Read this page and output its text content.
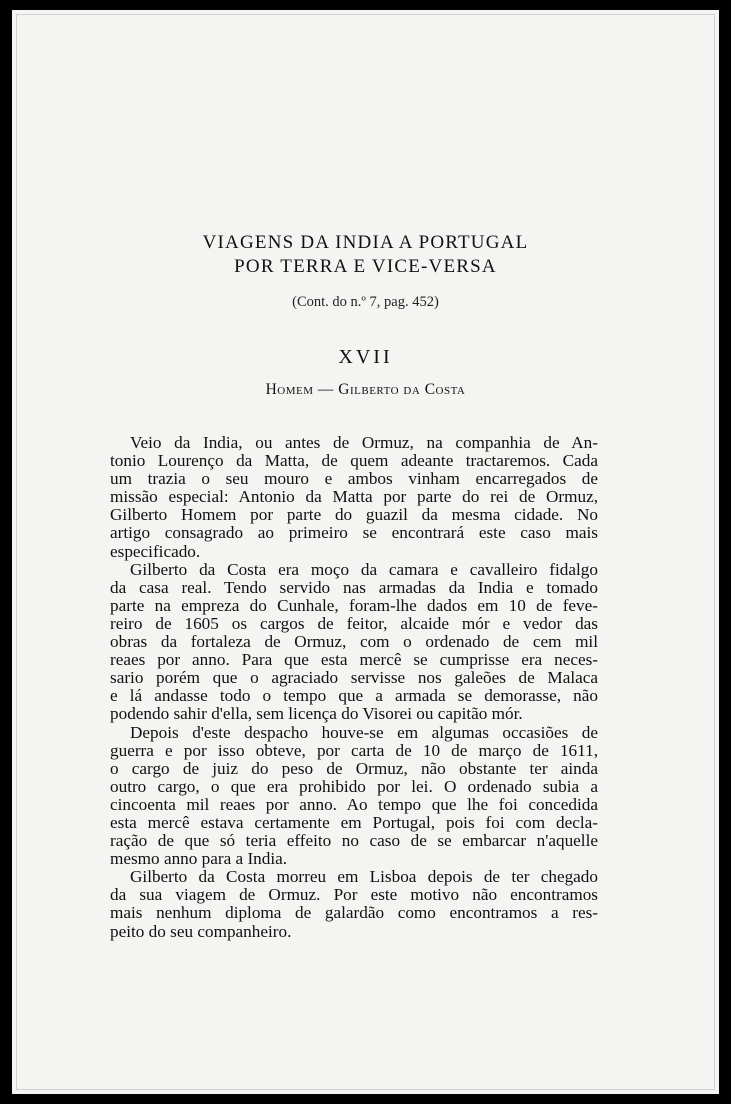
VIAGENS DA INDIA A PORTUGAL
POR TERRA E VICE-VERSA
(Cont. do n.º 7, pag. 452)
XVII
Homem — Gilberto da Costa

Veio da India, ou antes de Ormuz, na companhia de An-
tonio Lourenço da Matta, de quem adeante tractaremos. Cada
um trazia o seu mouro e ambos vinham encarregados de
missão especial: Antonio da Matta por parte do rei de Ormuz,
Gilberto Homem por parte do guazil da mesma cidade. No
artigo consagrado ao primeiro se encontrará este caso mais
especificado.

Gilberto da Costa era moço da camara e cavalleiro fidalgo
da casa real. Tendo servido nas armadas da India e tomado
parte na empreza do Cunhale, foram-lhe dados em 10 de feve-
reiro de 1605 os cargos de feitor, alcaide mór e vedor das
obras da fortaleza de Ormuz, com o ordenado de cem mil
reaes por anno. Para que esta mercê se cumprisse era neces-
sario porém que o agraciado servisse nos galeões de Malaca
e lá andasse todo o tempo que a armada se demorasse, não
podendo sahir d'ella, sem licença do Visorei ou capitão mór.

Depois d'este despacho houve-se em algumas occasiões de
guerra e por isso obteve, por carta de 10 de março de 1611,
o cargo de juiz do peso de Ormuz, não obstante ter ainda
outro cargo, o que era prohibido por lei. O ordenado subia a
cincoenta mil reaes por anno. Ao tempo que lhe foi concedida
esta mercê estava certamente em Portugal, pois foi com decla-
ração de que só teria effeito no caso de se embarcar n'aquelle
mesmo anno para a India.

Gilberto da Costa morreu em Lisboa depois de ter chegado
da sua viagem de Ormuz. Por este motivo não encontramos
mais nenhum diploma de galardão como encontramos a res-
peito do seu companheiro.
